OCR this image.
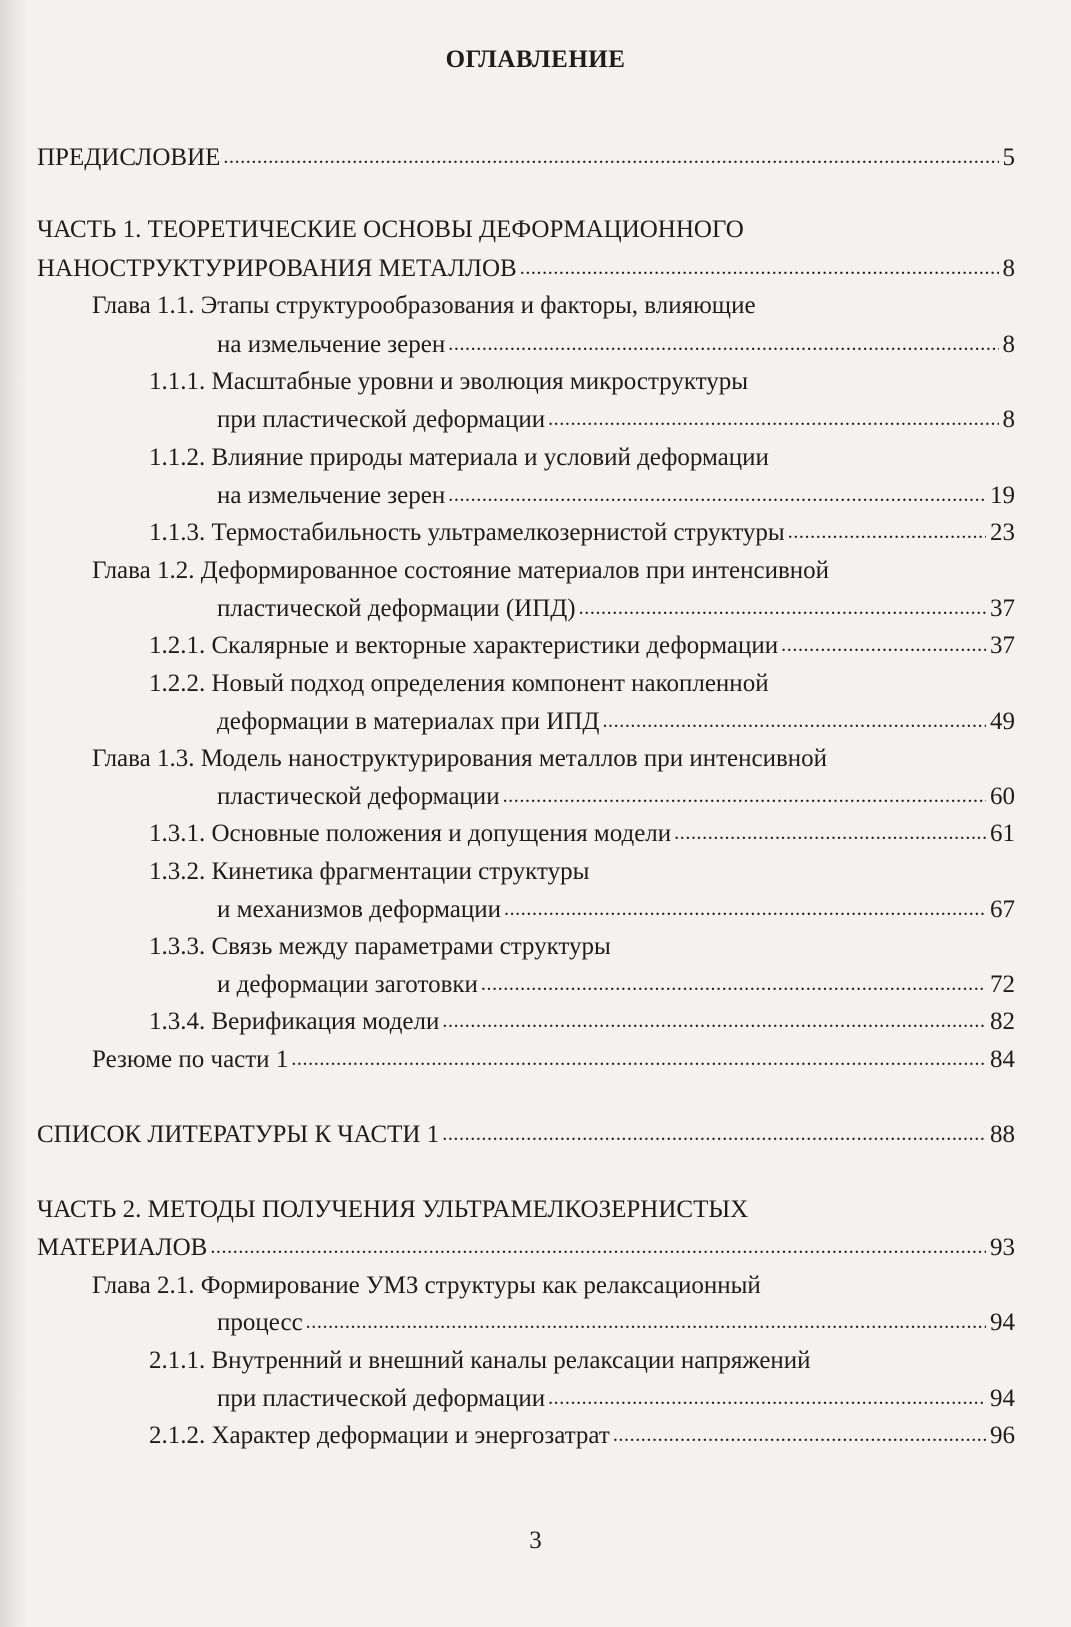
ОГЛАВЛЕНИЕ
ПРЕДИСЛОВИЕ .....	5
ЧАСТЬ 1. ТЕОРЕТИЧЕСКИЕ ОСНОВЫ ДЕФОРМАЦИОННОГО
НАНОСТРУКТУРИРОВАНИЯ МЕТАЛЛОВ .....	8
Глава 1.1. Этапы структурообразования и факторы, влияющие
на измельчение зерен .....	8
1.1.1. Масштабные уровни и эволюция микроструктуры
при пластической деформации .....	8
1.1.2. Влияние природы материала и условий деформации
на измельчение зерен .....	19
1.1.3. Термостабильность ультрамелкозернистой структуры .....	23
Глава 1.2. Деформированное состояние материалов при интенсивной
пластической деформации (ИПД) .....	37
1.2.1. Скалярные и векторные характеристики деформации .....	37
1.2.2. Новый подход определения компонент накопленной
деформации в материалах при ИПД .....	49
Глава 1.3. Модель наноструктурирования металлов при интенсивной
пластической деформации .....	60
1.3.1. Основные положения и допущения модели .....	61
1.3.2. Кинетика фрагментации структуры
и механизмов деформации .....	67
1.3.3. Связь между параметрами структуры
и деформации заготовки .....	72
1.3.4. Верификация модели .....	82
Резюме по части 1 .....	84
СПИСОК ЛИТЕРАТУРЫ К ЧАСТИ 1 .....	88
ЧАСТЬ 2. МЕТОДЫ ПОЛУЧЕНИЯ УЛЬТРАМЕЛКОЗЕРНИСТЫХ
МАТЕРИАЛОВ .....	93
Глава 2.1. Формирование УМЗ структуры как релаксационный
процесс .....	94
2.1.1. Внутренний и внешний каналы релаксации напряжений
при пластической деформации .....	94
2.1.2. Характер деформации и энергозатрат .....	96
3
